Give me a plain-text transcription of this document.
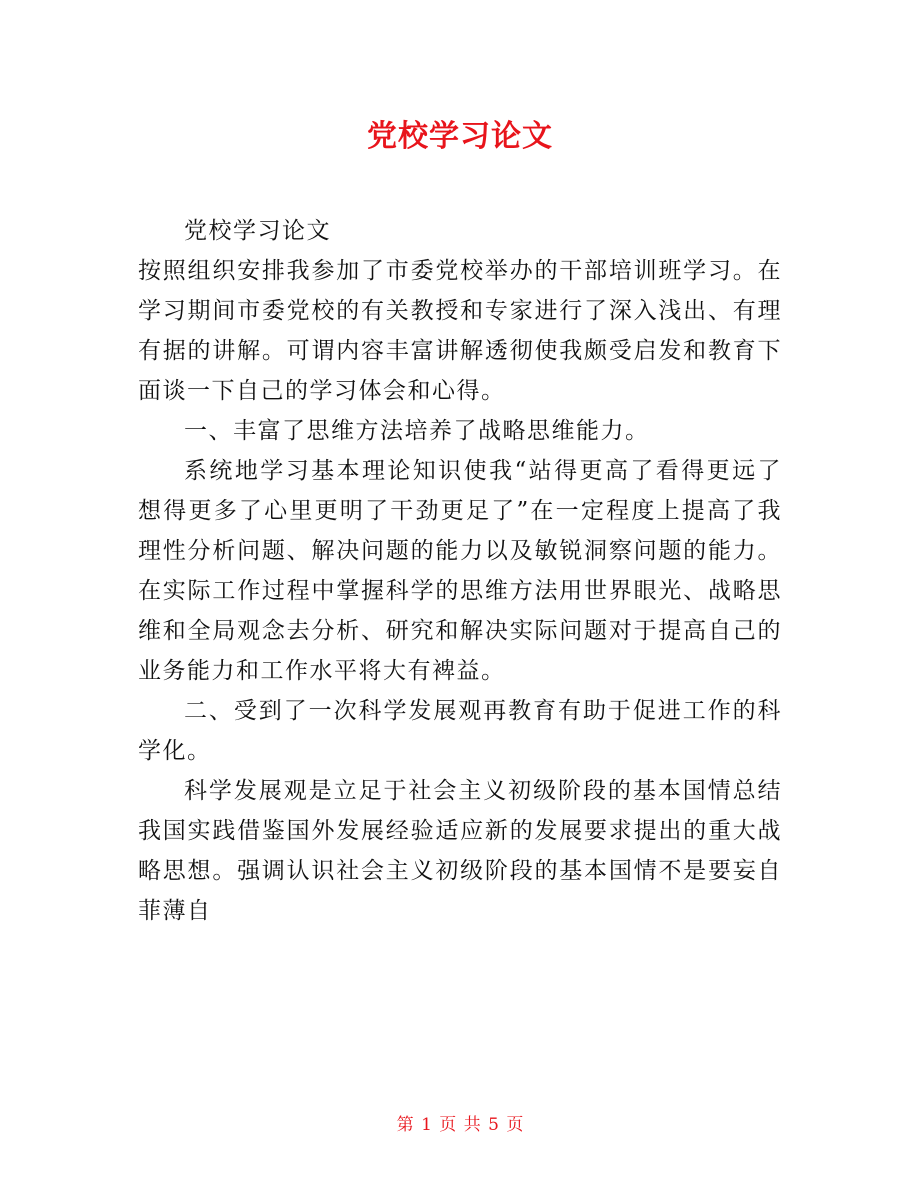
党校学习论文

党校学习论文

按照组织安排我参加了市委党校举办的干部培训班学习。在学习期间市委党校的有关教授和专家进行了深入浅出、有理有据的讲解。可谓内容丰富讲解透彻使我颇受启发和教育下面谈一下自己的学习体会和心得。

一、丰富了思维方法培养了战略思维能力。

系统地学习基本理论知识使我“站得更高了看得更远了想得更多了心里更明了干劲更足了”在一定程度上提高了我理性分析问题、解决问题的能力以及敏锐洞察问题的能力。在实际工作过程中掌握科学的思维方法用世界眼光、战略思维和全局观念去分析、研究和解决实际问题对于提高自己的业务能力和工作水平将大有裨益。

二、受到了一次科学发展观再教育有助于促进工作的科学化。

科学发展观是立足于社会主义初级阶段的基本国情总结我国实践借鉴国外发展经验适应新的发展要求提出的重大战略思想。强调认识社会主义初级阶段的基本国情不是要妄自菲薄自

第 1 页 共 5 页
